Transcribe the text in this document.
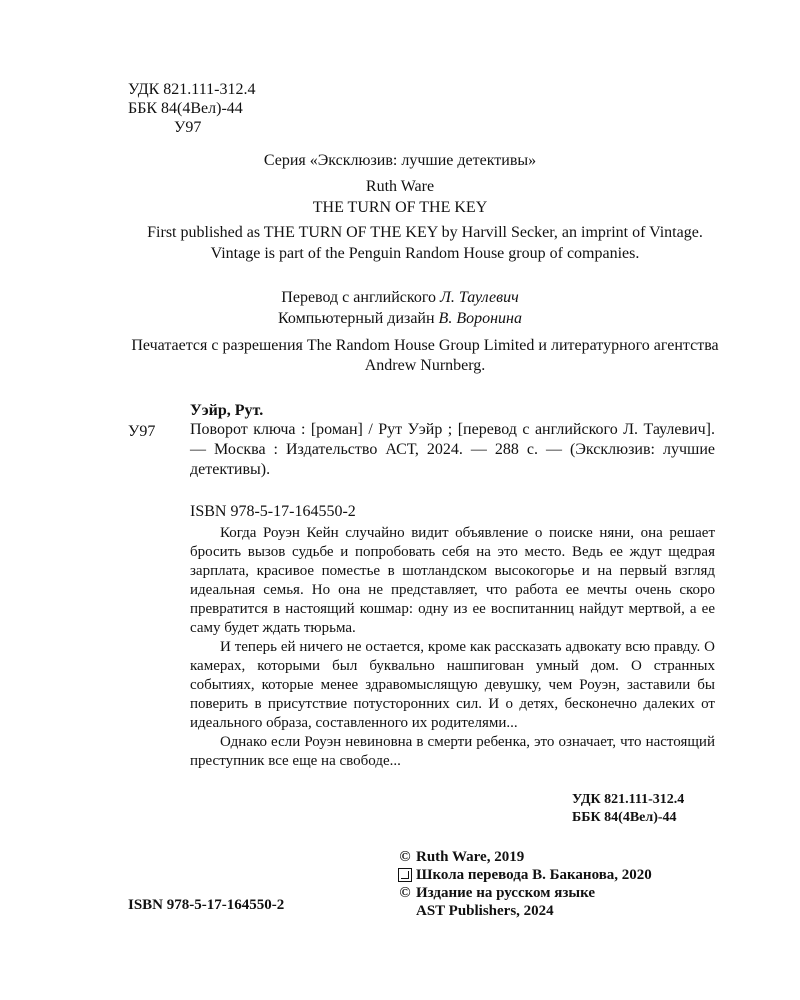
УДК 821.111-312.4
ББК 84(4Вел)-44
У97
Серия «Эксклюзив: лучшие детективы»
Ruth Ware
THE TURN OF THE KEY
First published as THE TURN OF THE KEY by Harvill Secker, an imprint of Vintage. Vintage is part of the Penguin Random House group of companies.
Перевод с английского Л. Таулевич
Компьютерный дизайн В. Воронина
Печатается с разрешения The Random House Group Limited и литературного агентства Andrew Nurnberg.
Уэйр, Рут.
У97 Поворот ключа : [роман] / Рут Уэйр ; [перевод с английского Л. Таулевич]. — Москва : Издательство АСТ, 2024. — 288 с. — (Эксклюзив: лучшие детективы).
ISBN 978-5-17-164550-2

Когда Роуэн Кейн случайно видит объявление о поиске няни, она решает бросить вызов судьбе и попробовать себя на это место. Ведь ее ждут щедрая зарплата, красивое поместье в шотландском высокогорье и на первый взгляд идеальная семья. Но она не представляет, что работа ее мечты очень скоро превратится в настоящий кошмар: одну из ее воспитанниц найдут мертвой, а ее саму будет ждать тюрьма.

И теперь ей ничего не остается, кроме как рассказать адвокату всю правду. О камерах, которыми был буквально нашпигован умный дом. О странных событиях, которые менее здравомыслящую девушку, чем Роуэн, заставили бы поверить в присутствие потусторонних сил. И о детях, бесконечно далеких от идеального образа, составленного их родителями...

Однако если Роуэн невиновна в смерти ребенка, это означает, что настоящий преступник все еще на свободе...

УДК 821.111-312.4
ББК 84(4Вел)-44
© Ruth Ware, 2019
Школа перевода В. Баканова, 2020
© Издание на русском языке
AST Publishers, 2024
ISBN 978-5-17-164550-2
